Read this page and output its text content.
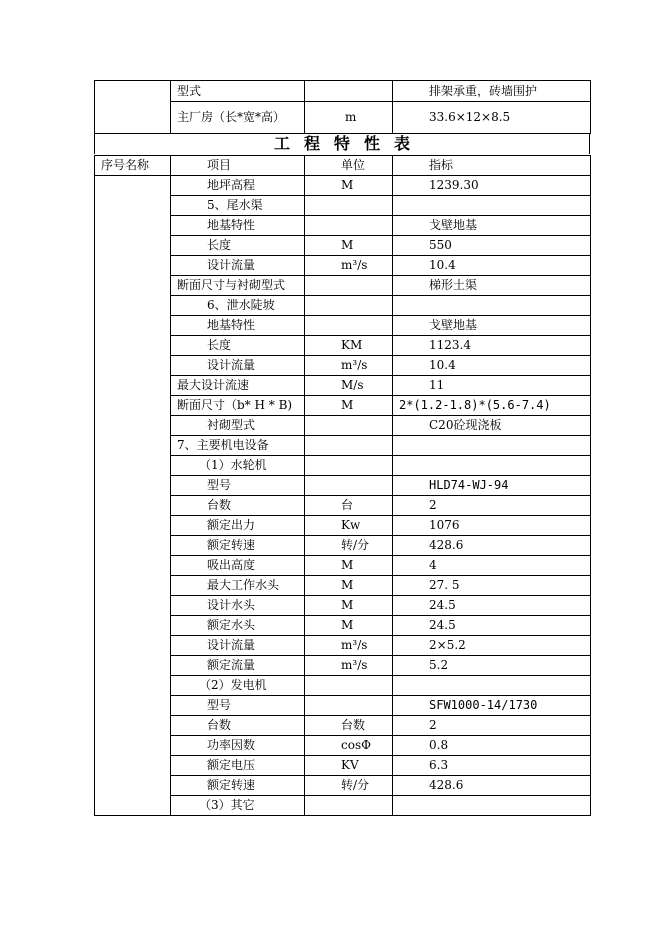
	型式		排架承重，砖墙围护
	主厂房（长*宽*高）	m	33.6×12×8.5
工程特性表
序号名称	项目	单位	指标
	地坪高程	M	1239.30
	5、尾水渠		
	地基特性		戈壁地基
	长度	M	550
	设计流量	m³/s	10.4
	断面尺寸与衬砌型式		梯形土渠
	6、泄水陡坡		
	地基特性		戈壁地基
	长度	KM	1123.4
	设计流量	m³/s	10.4
	最大设计流速	M/s	11
	断面尺寸（b* H * B)	M	2*(1.2-1.8)*(5.6-7.4)
	衬砌型式		C20砼现浇板
	7、主要机电设备		
	（1）水轮机		
	型号		HLD74-WJ-94
	台数	台	2
	额定出力	Kw	1076
	额定转速	转/分	428.6
	吸出高度	M	4
	最大工作水头	M	27. 5
	设计水头	M	24.5
	额定水头	M	24.5
	设计流量	m³/s	2×5.2
	额定流量	m³/s	5.2
	（2）发电机		
	型号		SFW1000-14/1730
	台数	台数	2
	功率因数	cosΦ	0.8
	额定电压	KV	6.3
	额定转速	转/分	428.6
	（3）其它		
